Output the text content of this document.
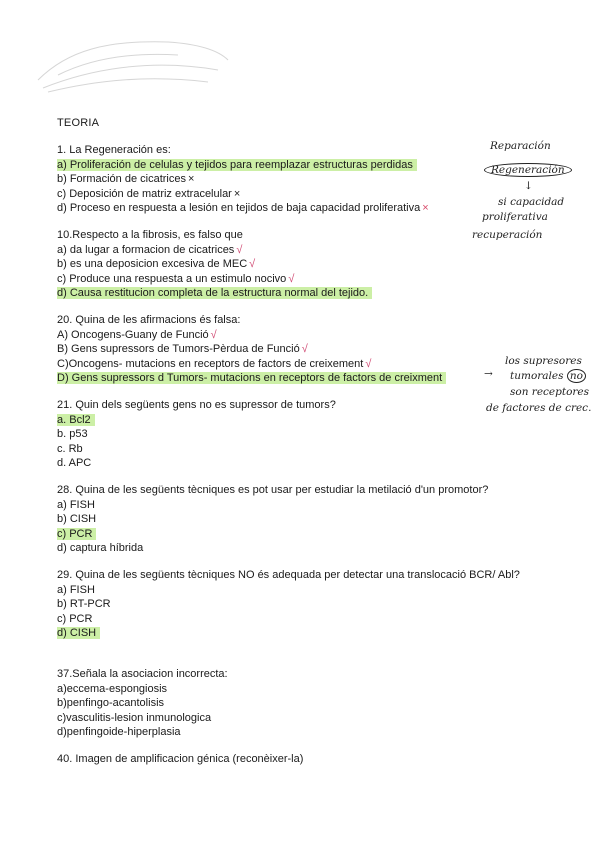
TEORIA
1. La Regeneración es:
a) Proliferación de celulas y tejidos para reemplazar estructuras perdidas
b) Formación de cicatrices ×
c) Deposición de matriz extracelular ×
d) Proceso en respuesta a lesión en tejidos de baja capacidad proliferativa ×
10.Respecto a la fibrosis, es falso que
a) da lugar a formacion de cicatrices √
b) es una deposicion excesiva de MEC √
c) Produce una respuesta a un estimulo nocivo √
d) Causa restitucion completa de la estructura normal del tejido.
20. Quina de les afirmacions és falsa:
A) Oncogens-Guany de Funció √
B) Gens supressors de Tumors-Pèrdua de Funció √
C)Oncogens- mutacions en receptors de factors de creixement √
D) Gens supressors d Tumors- mutacions en receptors de factors de creixment
21. Quin dels següents gens no es supressor de tumors?
a. Bcl2
b. p53
c. Rb
d. APC
28. Quina de les següents tècniques es pot usar per estudiar la metilació d'un promotor?
a) FISH
b) CISH
c) PCR
d) captura híbrida
29. Quina de les següents tècniques NO és adequada per detectar una translocació BCR/ Abl?
a) FISH
b) RT-PCR
c) PCR
d) CISH
37.Señala la asociacion incorrecta:
a)eccema-espongiosis
b)penfingo-acantolisis
c)vasculitis-lesion inmunologica
d)penfingoide-hiperplasia
40. Imagen de amplificacion génica (reconèixer-la)
Reparación
Regeneración
↓
si capacidad
proliferativa
recuperación
→
los supresores
tumorales no
son receptores
de factores de crec.
